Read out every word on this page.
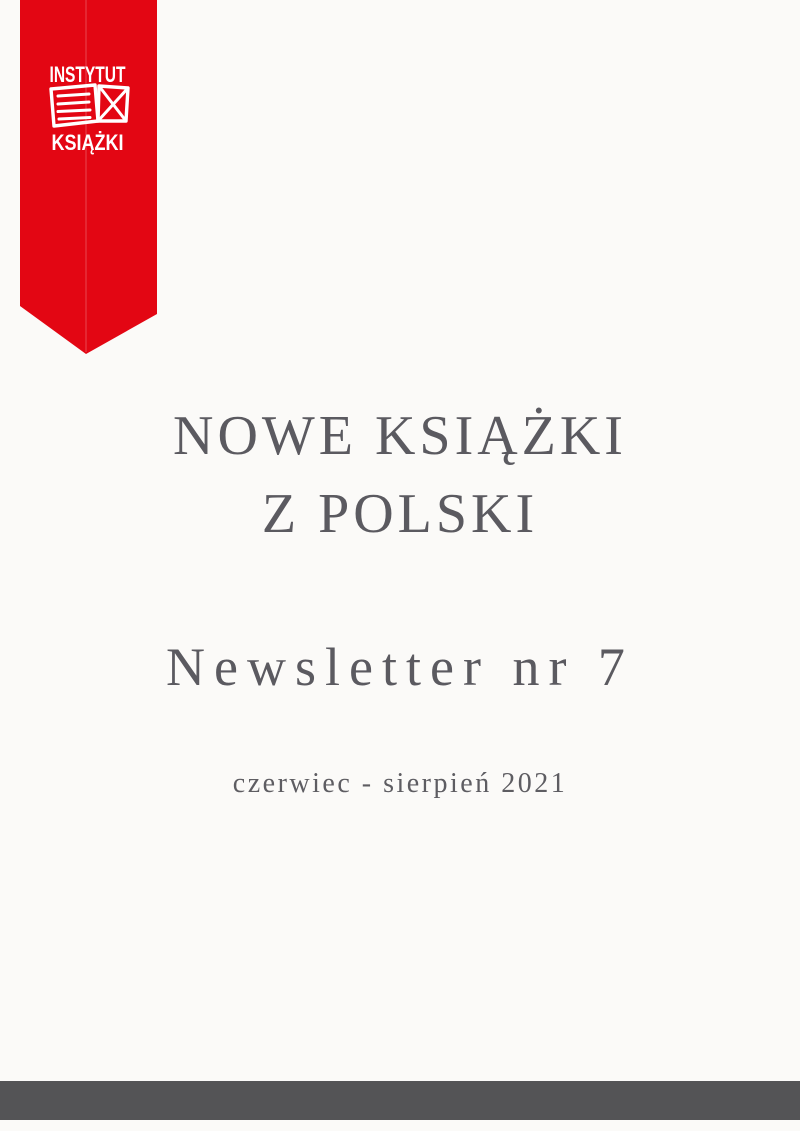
INSTYTUT
KSIĄŻKI
NOWE KSIĄŻKI
Z POLSKI
Newsletter nr 7
czerwiec - sierpień 2021
